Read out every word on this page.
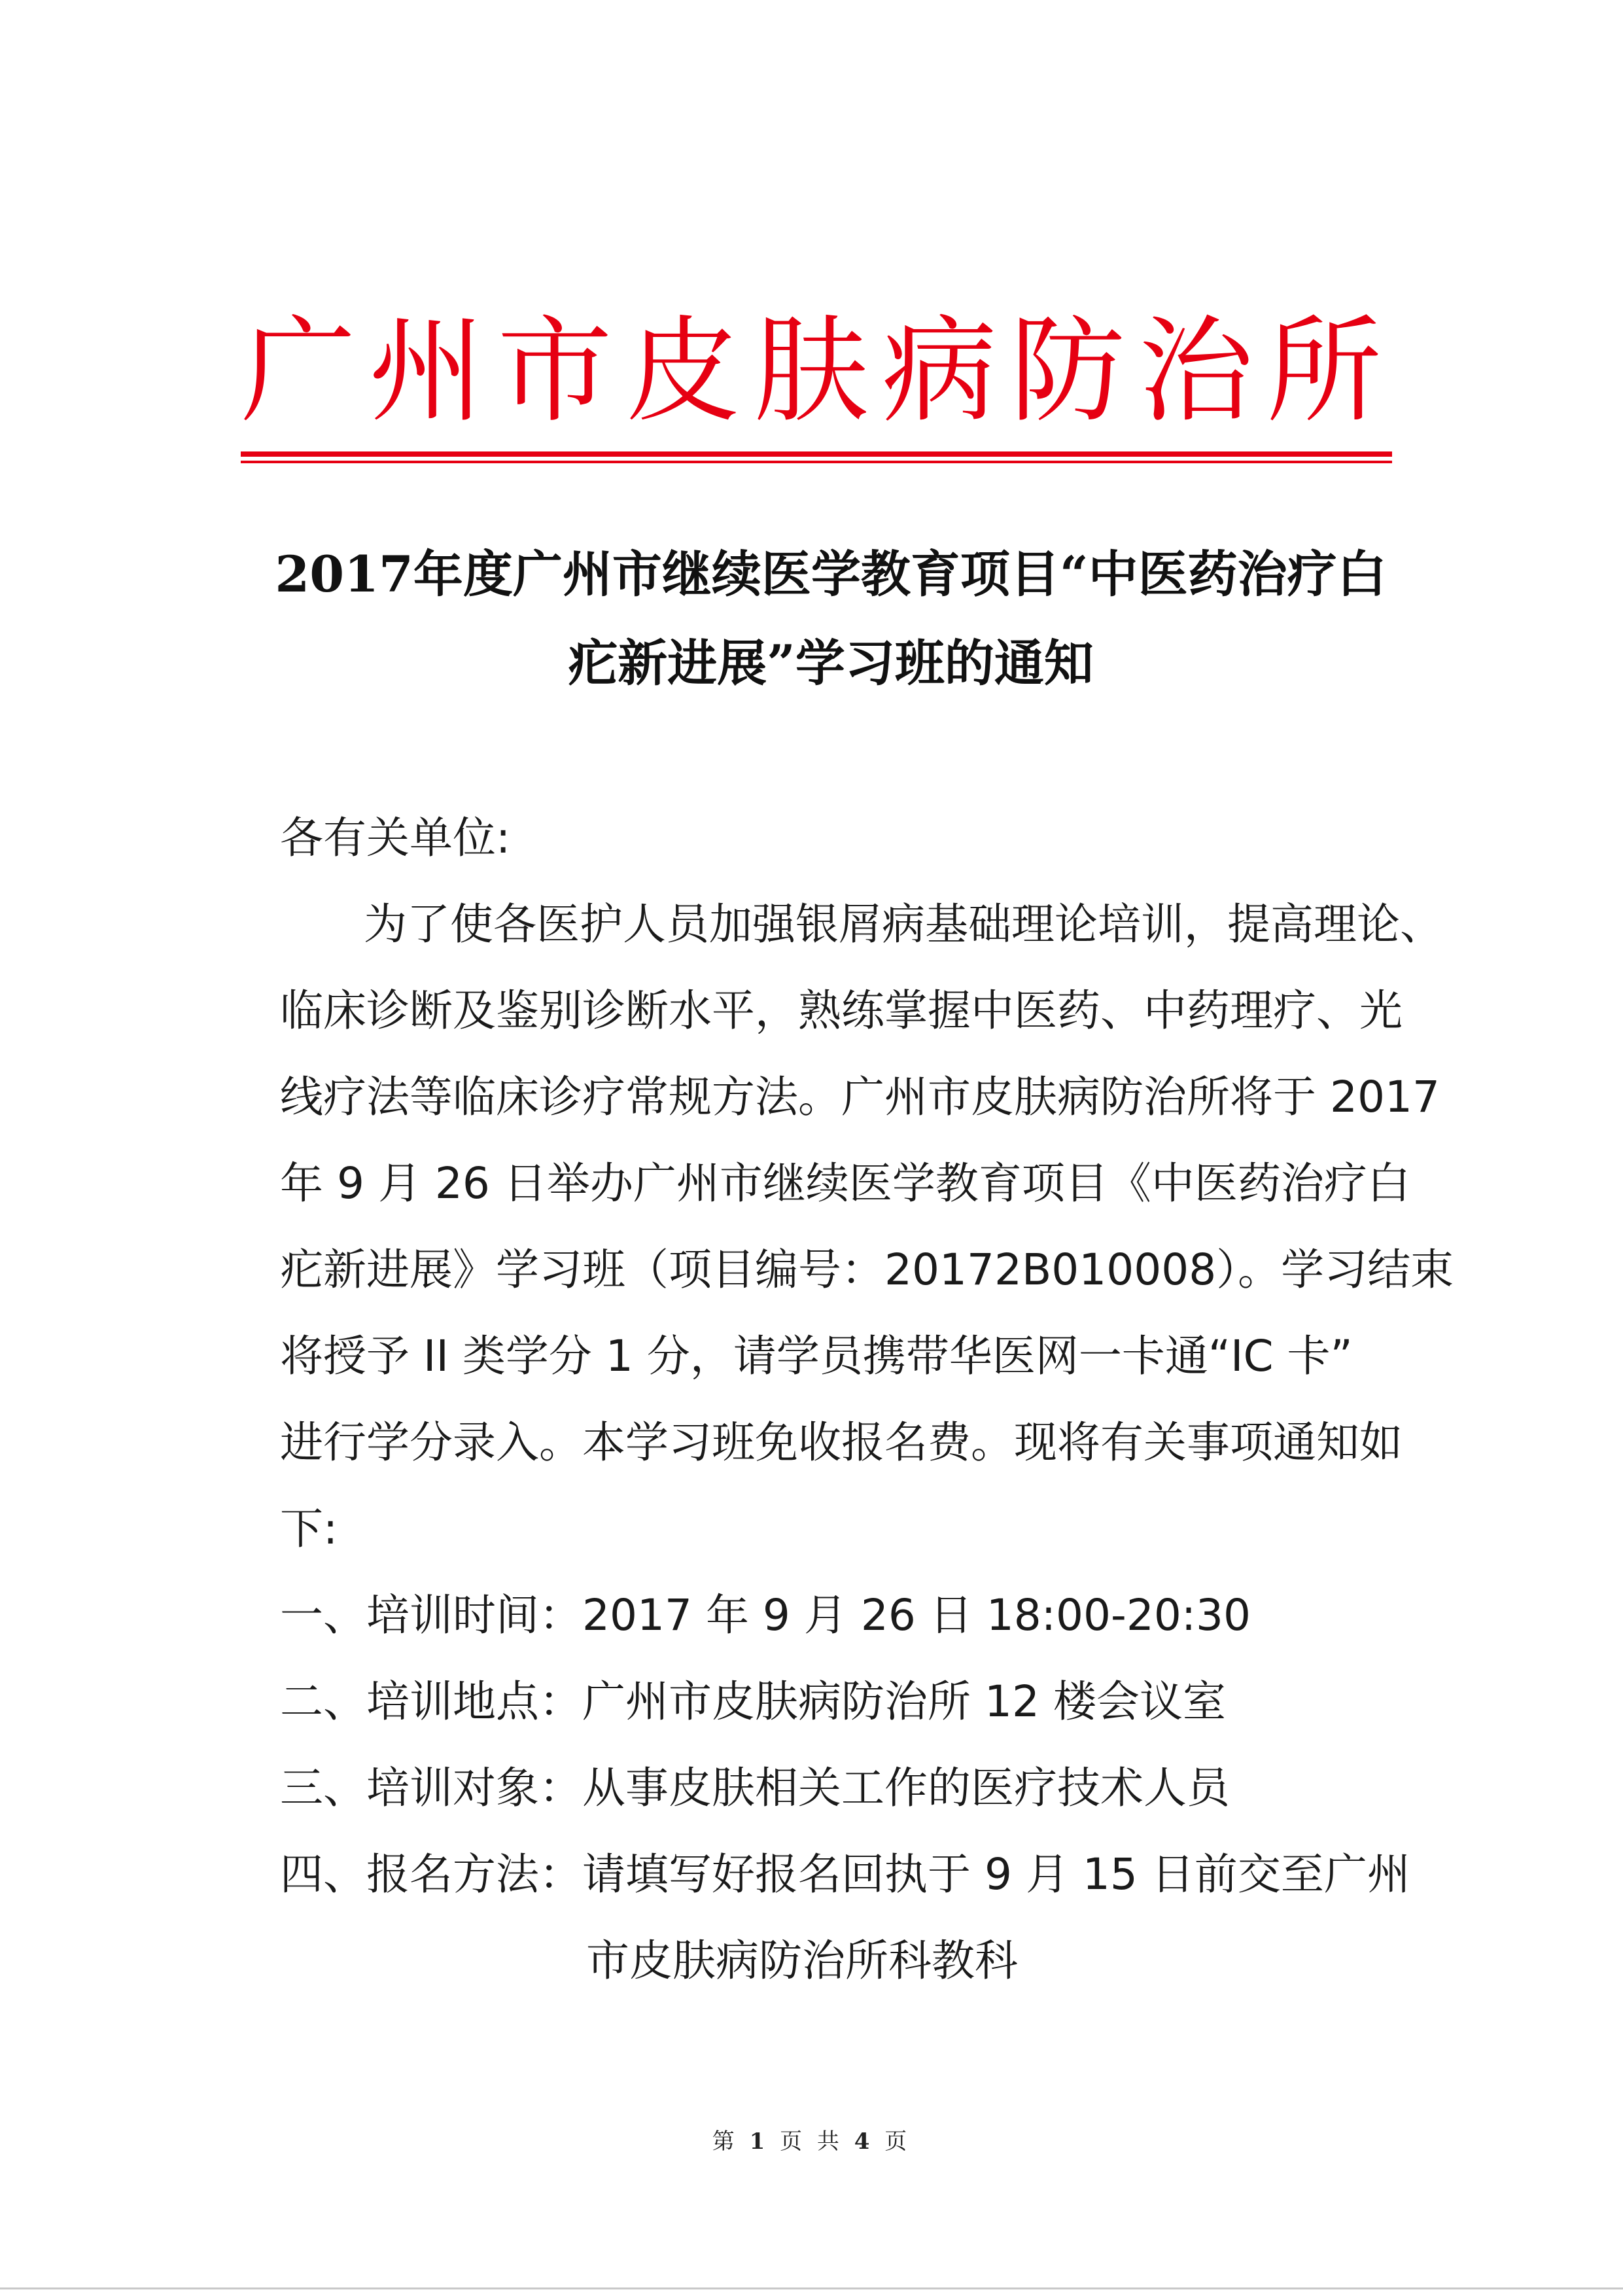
广州市皮肤病防治所
2017年度广州市继续医学教育项目“中医药治疗白
疕新进展”学习班的通知
各有关单位:
为了使各医护人员加强银屑病基础理论培训，提高理论、
临床诊断及鉴别诊断水平，熟练掌握中医药、中药理疗、光
线疗法等临床诊疗常规方法。广州市皮肤病防治所将于 2017
年 9 月 26 日举办广州市继续医学教育项目《中医药治疗白
疕新进展》学习班（项目编号：20172B010008）。学习结束
将授予 II 类学分 1 分，请学员携带华医网一卡通“IC 卡”
进行学分录入。本学习班免收报名费。现将有关事项通知如
下:
一、培训时间：2017 年 9 月 26 日 18:00-20:30
二、培训地点：广州市皮肤病防治所 12 楼会议室
三、培训对象：从事皮肤相关工作的医疗技术人员
四、报名方法：请填写好报名回执于 9 月 15 日前交至广州
市皮肤病防治所科教科
第 1 页 共 4 页
